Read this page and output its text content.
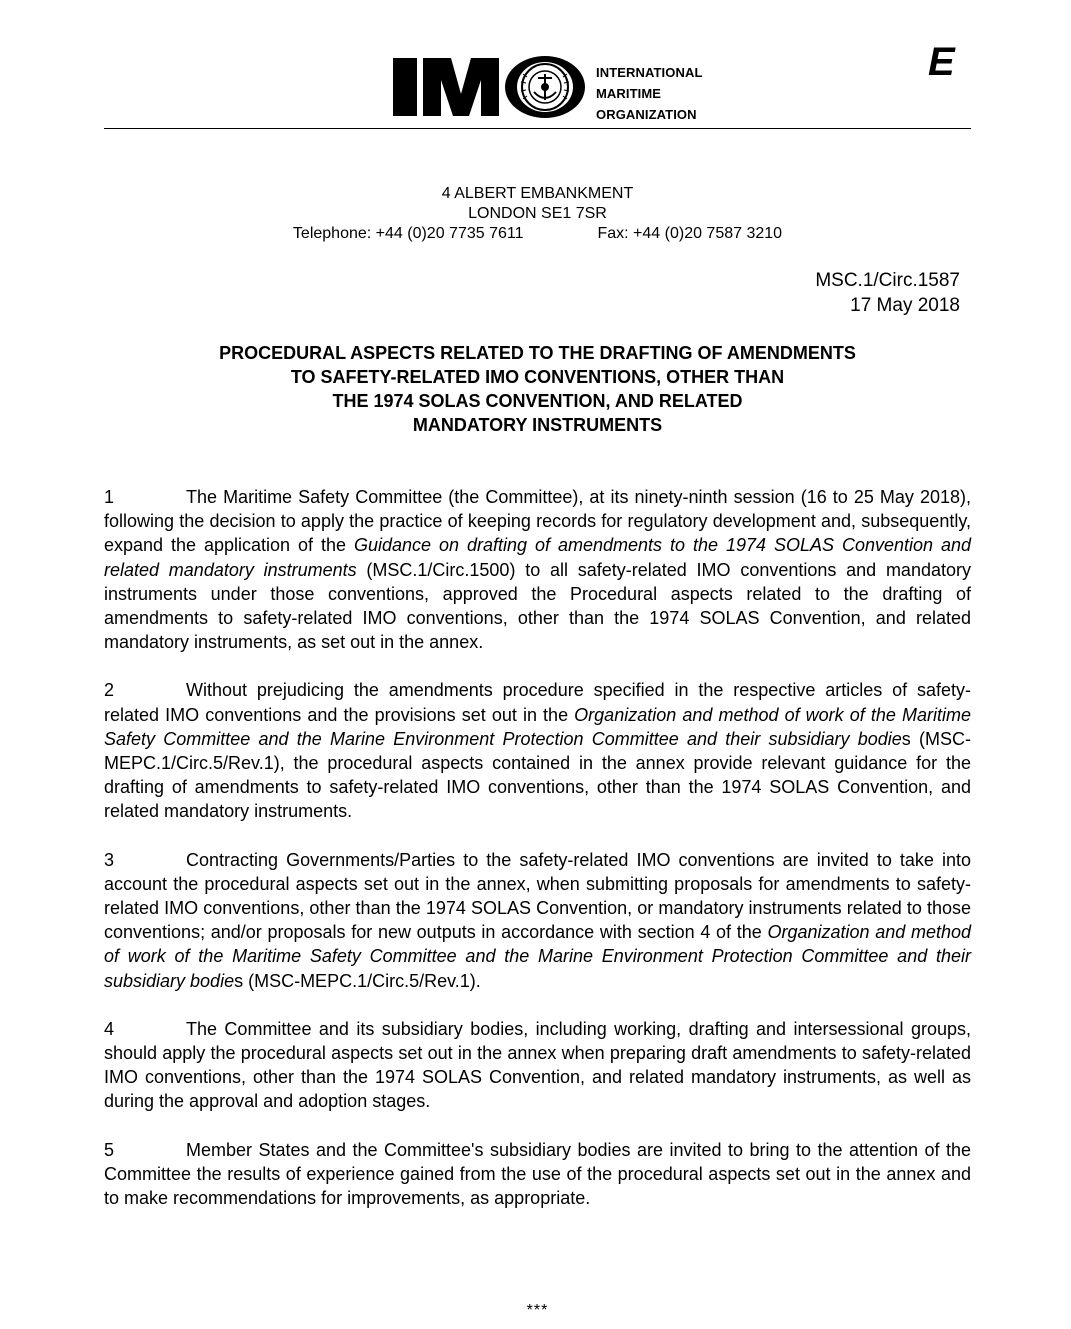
IMO
INTERNATIONAL
MARITIME
ORGANIZATION
E
4 ALBERT EMBANKMENT
LONDON SE1 7SR
Telephone: +44 (0)20 7735 7611	Fax: +44 (0)20 7587 3210
MSC.1/Circ.1587
17 May 2018
PROCEDURAL ASPECTS RELATED TO THE DRAFTING OF AMENDMENTS
TO SAFETY-RELATED IMO CONVENTIONS, OTHER THAN
THE 1974 SOLAS CONVENTION, AND RELATED
MANDATORY INSTRUMENTS

1	The Maritime Safety Committee (the Committee), at its ninety-ninth session (16 to 25 May 2018), following the decision to apply the practice of keeping records for regulatory development and, subsequently, expand the application of the Guidance on drafting of amendments to the 1974 SOLAS Convention and related mandatory instruments (MSC.1/Circ.1500) to all safety-related IMO conventions and mandatory instruments under those conventions, approved the Procedural aspects related to the drafting of amendments to safety-related IMO conventions, other than the 1974 SOLAS Convention, and related mandatory instruments, as set out in the annex.

2	Without prejudicing the amendments procedure specified in the respective articles of safety-related IMO conventions and the provisions set out in the Organization and method of work of the Maritime Safety Committee and the Marine Environment Protection Committee and their subsidiary bodies (MSC-MEPC.1/Circ.5/Rev.1), the procedural aspects contained in the annex provide relevant guidance for the drafting of amendments to safety-related IMO conventions, other than the 1974 SOLAS Convention, and related mandatory instruments.

3	Contracting Governments/Parties to the safety-related IMO conventions are invited to take into account the procedural aspects set out in the annex, when submitting proposals for amendments to safety-related IMO conventions, other than the 1974 SOLAS Convention, or mandatory instruments related to those conventions; and/or proposals for new outputs in accordance with section 4 of the Organization and method of work of the Maritime Safety Committee and the Marine Environment Protection Committee and their subsidiary bodies (MSC-MEPC.1/Circ.5/Rev.1).

4	The Committee and its subsidiary bodies, including working, drafting and intersessional groups, should apply the procedural aspects set out in the annex when preparing draft amendments to safety-related IMO conventions, other than the 1974 SOLAS Convention, and related mandatory instruments, as well as during the approval and adoption stages.

5	Member States and the Committee's subsidiary bodies are invited to bring to the attention of the Committee the results of experience gained from the use of the procedural aspects set out in the annex and to make recommendations for improvements, as appropriate.

***
